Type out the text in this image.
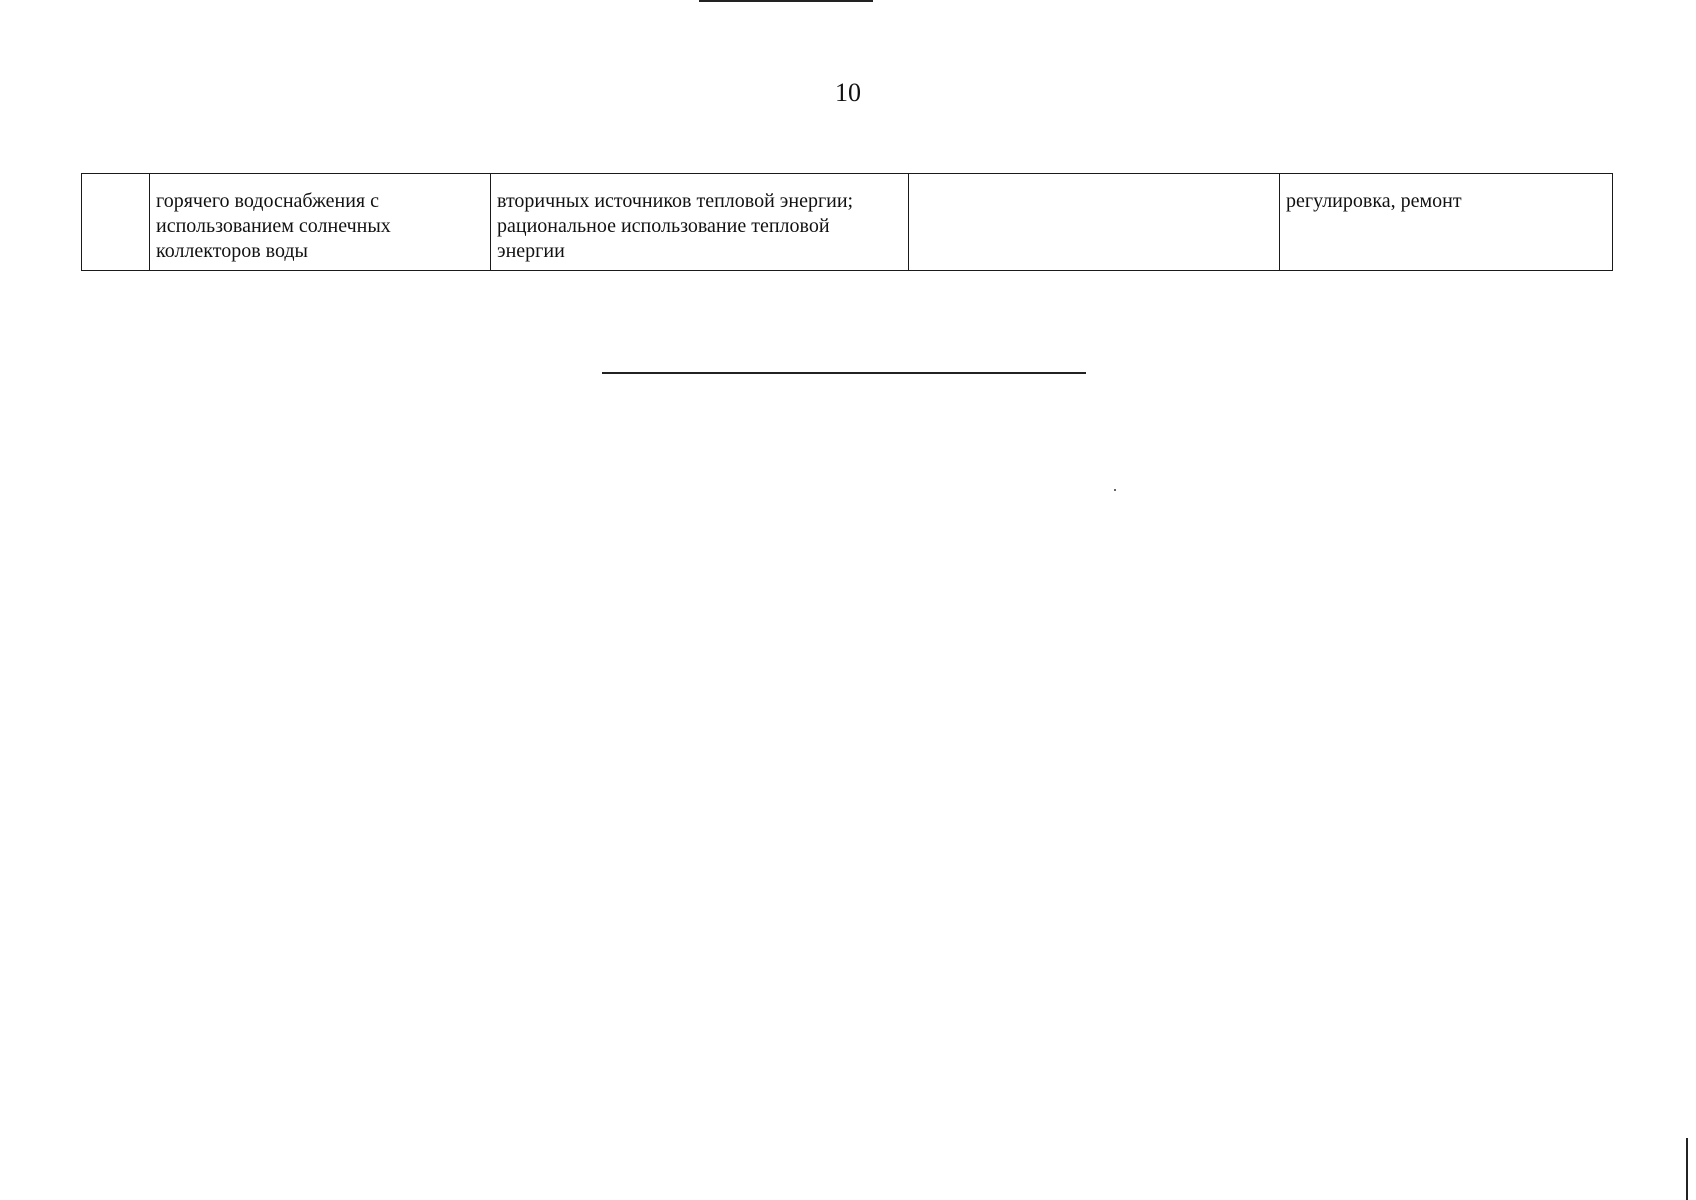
10
	горячего водоснабжения с использованием солнечных коллекторов воды	вторичных источников тепловой энергии; рациональное использование тепловой энергии		регулировка, ремонт
